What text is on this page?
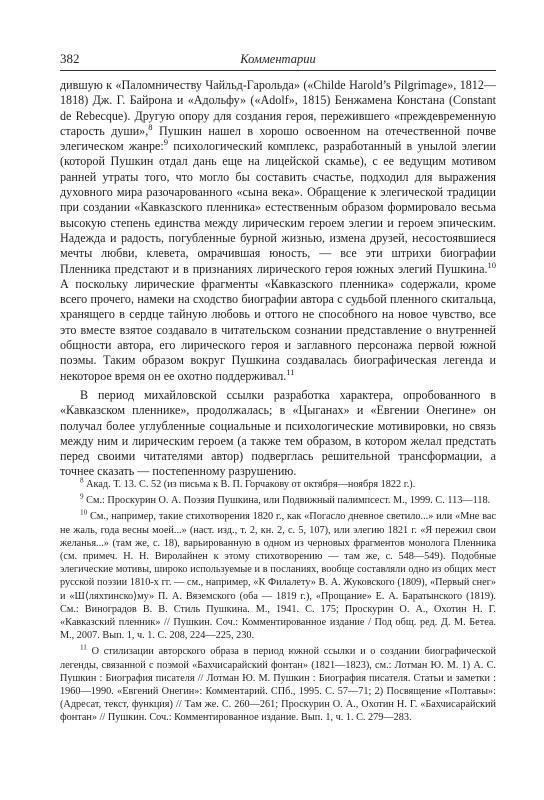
382	Комментарии

дившую к «Паломничеству Чайльд-Гарольда» («Childe Harold’s Pilgrimage», 1812—1818) Дж. Г. Байрона и «Адольфу» («Adolf», 1815) Бенжамена Констана (Constant de Rebecque). Другую опору для создания героя, пережившего «преждевременную старость души»,$^8$ Пушкин нашел в хорошо освоенном на отечественной почве элегическом жанре:$^9$ психологический комплекс, разработанный в унылой элегии (которой Пушкин отдал дань еще на лицейской скамье), с ее ведущим мотивом ранней утраты того, что могло бы составить счастье, подходил для выражения духовного мира разочарованного «сына века». Обращение к элегической традиции при создании «Кавказского пленника» естественным образом формировало весьма высокую степень единства между лирическим героем элегии и героем эпическим. Надежда и радость, погубленные бурной жизнью, измена друзей, несостоявшиеся мечты любви, клевета, омрачившая юность, — все эти штрихи биографии Пленника предстают и в признаниях лирического героя южных элегий Пушкина.$^{10}$ А поскольку лирические фрагменты «Кавказского пленника» содержали, кроме всего прочего, намеки на сходство биографии автора с судьбой пленного скитальца, хранящего в сердце тайную любовь и оттого не способного на новое чувство, все это вместе взятое создавало в читательском сознании представление о внутренней общности автора, его лирического героя и заглавного персонажа первой южной поэмы. Таким образом вокруг Пушкина создавалась биографическая легенда и некоторое время он ее охотно поддерживал.$^{11}$

В период михайловской ссылки разработка характера, опробованного в «Кавказском пленнике», продолжалась; в «Цыганах» и «Евгении Онегине» он получал более углубленные социальные и психологические мотивировки, но связь между ним и лирическим героем (а также тем образом, в котором желал предстать перед своими читателями автор) подверглась решительной трансформации, а точнее сказать — постепенному разрушению.

$^8$ Акад. Т. 13. С. 52 (из письма к В. П. Горчакову от октября—ноября 1822 г.).

$^9$ См.: Проскурин О. А. Поэзия Пушкина, или Подвижный палимпсест. М., 1999. С. 113—118.

$^{10}$ См., например, такие стихотворения 1820 г., как «Погасло дневное светило...» или «Мне вас не жаль, года весны моей...» (наст. изд., т. 2, кн. 2, с. 5, 107), или элегию 1821 г. «Я пережил свои желанья...» (там же, с. 18), варьированную в одном из черновых фрагментов монолога Пленника (см. примеч. Н. Н. Виролайнен к этому стихотворению — там же, с. 548—549). Подобные элегические мотивы, широко используемые и в посланиях, вообще составляли одно из общих мест русской поэзии 1810-х гг. — см., например, «К Филалету» В. А. Жуковского (1809), «Первый снег» и «Ш⟨ляхтинско⟩му» П. А. Вяземского (оба — 1819 г.), «Прощание» Е. А. Баратынского (1819). См.: Виноградов В. В. Стиль Пушкина. М., 1941. С. 175; Проскурин О. А., Охотин Н. Г. «Кавказский пленник» // Пушкин. Соч.: Комментированное издание / Под общ. ред. Д. М. Бетеа. М., 2007. Вып. 1, ч. 1. С. 208, 224—225, 230.

$^{11}$ О стилизации авторского образа в период южной ссылки и о создании биографической легенды, связанной с поэмой «Бахчисарайский фонтан» (1821—1823), см.: Лотман Ю. М. 1) А. С. Пушкин : Биография писателя // Лотман Ю. М. Пушкин : Биография писателя. Статьи и заметки : 1960—1990. «Евгений Онегин»: Комментарий. СПб., 1995. С. 57—71; 2) Посвящение «Полтавы»: (Адресат, текст, функция) // Там же. С. 260—261; Проскурин О. А., Охотин Н. Г. «Бахчисарайский фонтан» // Пушкин. Соч.: Комментированное издание. Вып. 1, ч. 1. С. 279—283.
